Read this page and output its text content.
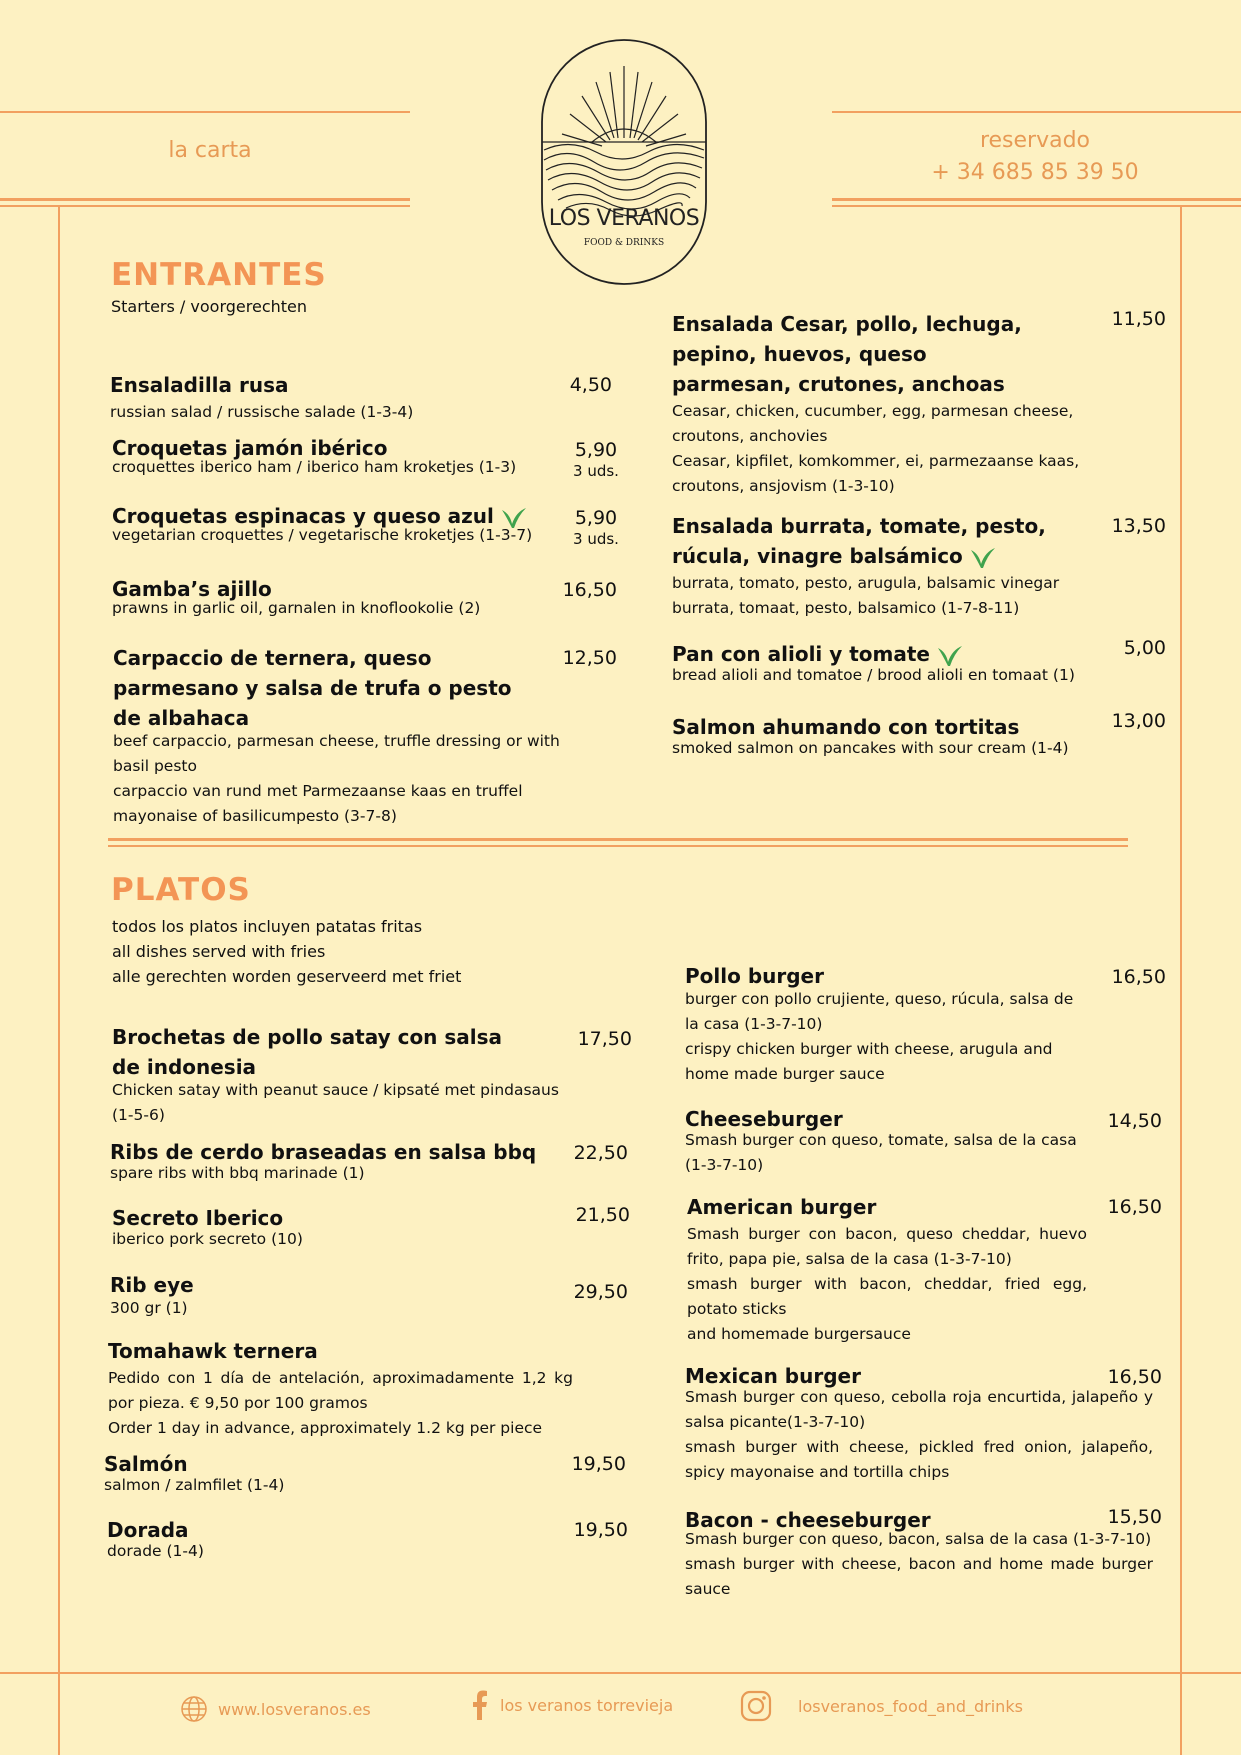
la carta	reservado
+ 34 685 85 39 50
LOS VERANOS
FOOD & DRINKS
ENTRANTES
Starters / voorgerechten
Ensaladilla rusa
russian salad / russische salade (1-3-4)
4,50
Croquetas jamón ibérico
croquettes iberico ham / iberico ham kroketjes (1-3)
5,90
3 uds.
Croquetas espinacas y queso azul
vegetarian croquettes / vegetarische kroketjes (1-3-7)
5,90
3 uds.
Gamba’s ajillo
prawns in garlic oil, garnalen in knoflookolie (2)
16,50
Carpaccio de ternera, queso parmesano y salsa de trufa o pesto de albahaca
beef carpaccio, parmesan cheese, truffle dressing or with basil pesto
carpaccio van rund met Parmezaanse kaas en truffel mayonaise of basilicumpesto (3-7-8)
12,50
Ensalada Cesar, pollo, lechuga, pepino, huevos, queso parmesan, crutones, anchoas
Ceasar, chicken, cucumber, egg, parmesan cheese, croutons, anchovies
Ceasar, kipfilet, komkommer, ei, parmezaanse kaas, croutons, ansjovism (1-3-10)
11,50
Ensalada burrata, tomate, pesto, rúcula, vinagre balsámico
burrata, tomato, pesto, arugula, balsamic vinegar
burrata, tomaat, pesto, balsamico (1-7-8-11)
13,50
Pan con alioli y tomate
bread alioli and tomatoe / brood alioli en tomaat (1)
5,00
Salmon ahumando con tortitas
smoked salmon on pancakes with sour cream (1-4)
13,00
PLATOS
todos los platos incluyen patatas fritas
all dishes served with fries
alle gerechten worden geserveerd met friet
Brochetas de pollo satay con salsa de indonesia
Chicken satay with peanut sauce / kipsaté met pindasaus (1-5-6)
17,50
Ribs de cerdo braseadas en salsa bbq
spare ribs with bbq marinade (1)
22,50
Secreto Iberico
iberico pork secreto (10)
21,50
Rib eye
300 gr (1)
29,50
Tomahawk ternera
Pedido con 1 día de antelación, aproximadamente 1,2 kg por pieza. € 9,50 por 100 gramos
Order 1 day in advance, approximately 1.2 kg per piece
Salmón
salmon / zalmfilet (1-4)
19,50
Dorada
dorade (1-4)
19,50
Pollo burger
burger con pollo crujiente, queso, rúcula, salsa de la casa (1-3-7-10)
crispy chicken burger with cheese, arugula and home made burger sauce
16,50
Cheeseburger
Smash burger con queso, tomate, salsa de la casa (1-3-7-10)
14,50
American burger
Smash burger con bacon, queso cheddar, huevo frito, papa pie, salsa de la casa (1-3-7-10)
smash burger with bacon, cheddar, fried egg, potato sticks
and homemade burgersauce
16,50
Mexican burger
Smash burger con queso, cebolla roja encurtida, jalapeño y salsa picante(1-3-7-10)
smash burger with cheese, pickled fred onion, jalapeño, spicy mayonaise and tortilla chips
16,50
Bacon - cheeseburger
Smash burger con queso, bacon, salsa de la casa (1-3-7-10)
smash burger with cheese, bacon and home made burger sauce
15,50
www.losveranos.es	los veranos torrevieja	losveranos_food_and_drinks
